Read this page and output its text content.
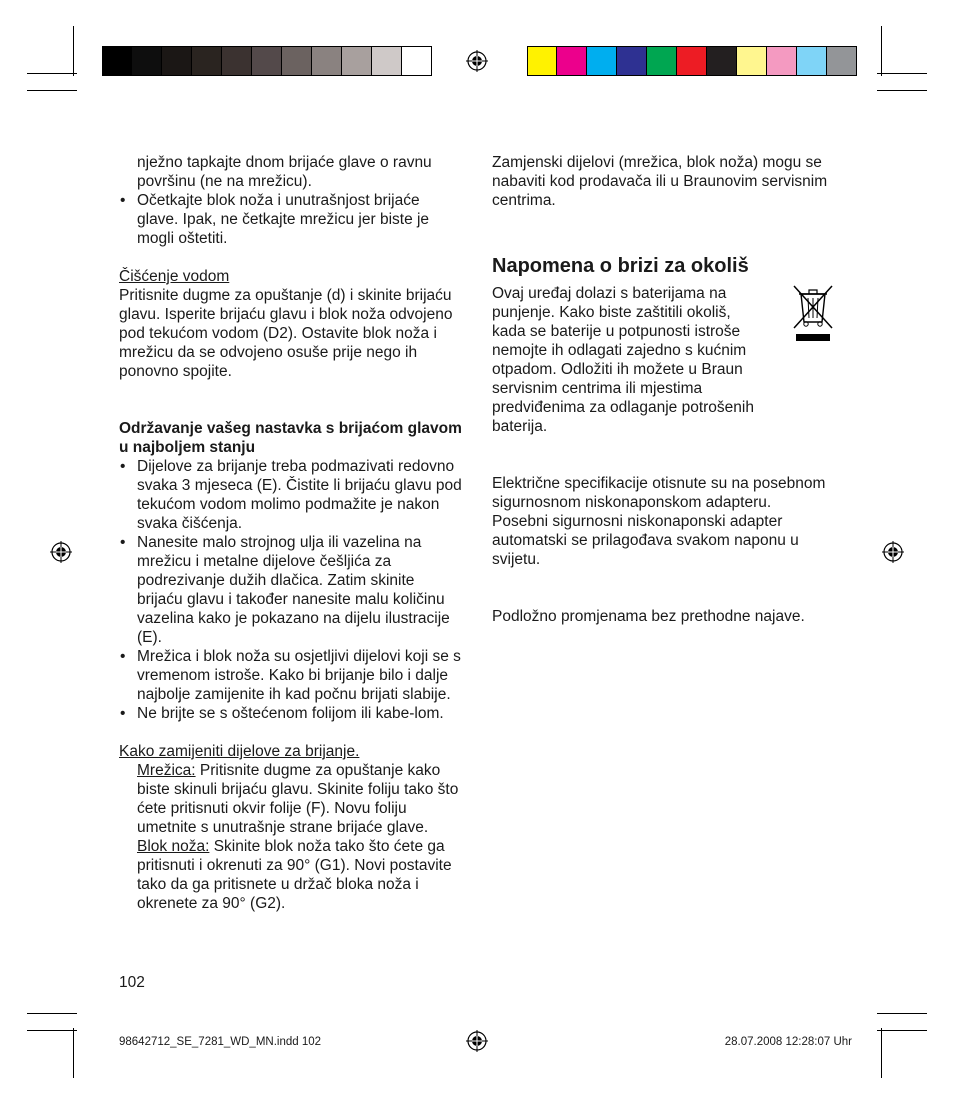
nježno tapkajte dnom brijaće glave o ravnu površinu (ne na mrežicu).

• Očetkajte blok noža i unutrašnjost brijaće glave. Ipak, ne četkajte mrežicu jer biste je mogli oštetiti.

Čišćenje vodom

Pritisnite dugme za opuštanje (d) i skinite brijaću glavu. Isperite brijaću glavu i blok noža odvojeno pod tekućom vodom (D2). Ostavite blok noža i mrežicu da se odvojeno osuše prije nego ih ponovno spojite.

Održavanje vašeg nastavka s brijaćom glavom u najboljem stanju

• Dijelove za brijanje treba podmazivati redovno svaka 3 mjeseca (E). Čistite li brijaću glavu pod tekućom vodom molimo podmažite je nakon svaka čišćenja.
• Nanesite malo strojnog ulja ili vazelina na mrežicu i metalne dijelove češljića za podrezivanje dužih dlačica. Zatim skinite brijaću glavu i također nanesite malu količinu vazelina kako je pokazano na dijelu ilustracije (E).
• Mrežica i blok noža su osjetljivi dijelovi koji se s vremenom istroše. Kako bi brijanje bilo i dalje najbolje zamijenite ih kad počnu brijati slabije.
• Ne brijte se s oštećenom folijom ili kabe-lom.

Kako zamijeniti dijelove za brijanje.

Mrežica: Pritisnite dugme za opuštanje kako biste skinuli brijaću glavu. Skinite foliju tako što ćete pritisnuti okvir folije (F). Novu foliju umetnite s unutrašnje strane brijaće glave.

Blok noža: Skinite blok noža tako što ćete ga pritisnuti i okrenuti za 90° (G1). Novi postavite tako da ga pritisnete u držač bloka noža i okrenete za 90° (G2).

102

Zamjenski dijelovi (mrežica, blok noža) mogu se nabaviti kod prodavača ili u Braunovim servisnim centrima.

Napomena o brizi za okoliš

Ovaj uređaj dolazi s baterijama na punjenje. Kako biste zaštitili okoliš, kada se baterije u potpunosti istroše nemojte ih odlagati zajedno s kućnim otpadom. Odložiti ih možete u Braun servisnim centrima ili mjestima predviđenima za odlaganje potrošenih baterija.

Električne specifikacije otisnute su na posebnom sigurnosnom niskonaponskom adapteru.

Posebni sigurnosni niskonaponski adapter automatski se prilagođava svakom naponu u svijetu.

Podložno promjenama bez prethodne najave.

98642712_SE_7281_WD_MN.indd 102	28.07.2008 12:28:07 Uhr
